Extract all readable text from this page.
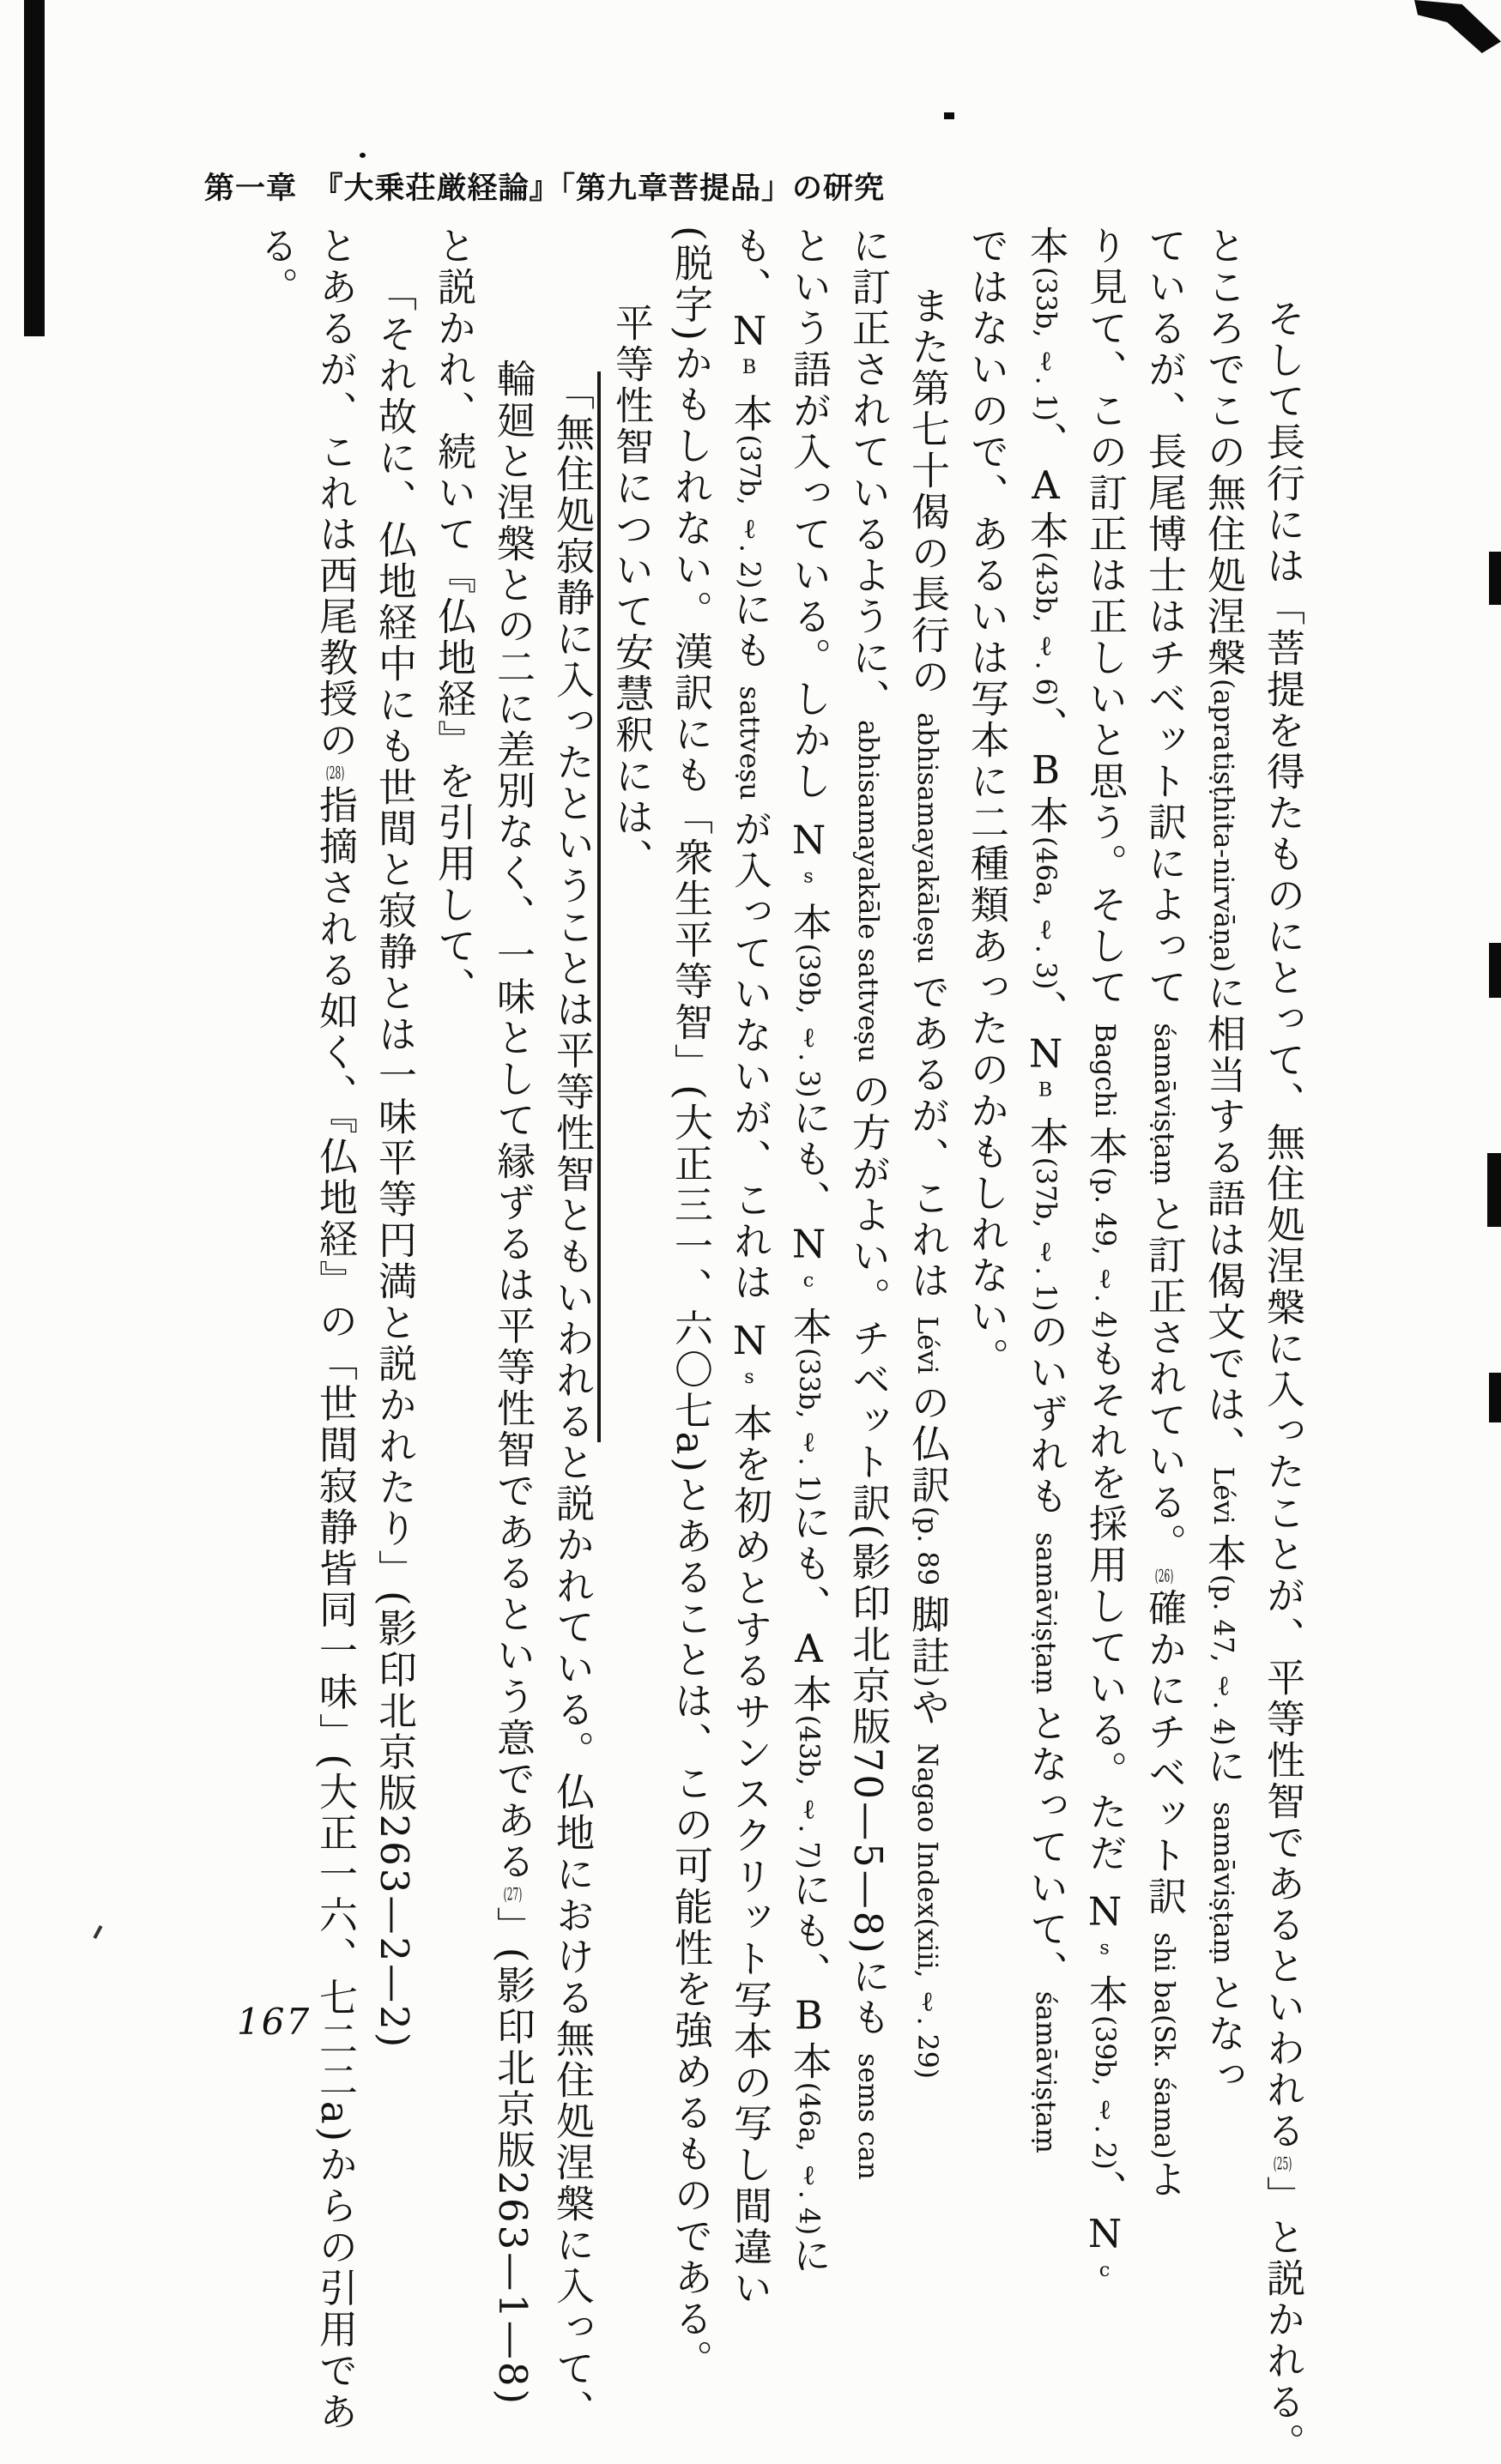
第一章　『大乗荘厳経論』「第九章菩提品」の研究
そして長行には「菩提を得たものにとって、無住処涅槃に入ったことが、平等性智であるといわれる(25)」と説かれる。
ところでこの無住処涅槃(apratiṣṭhita-nirvāṇa)に相当する語は偈文では、Lévi 本(p. 47, ℓ. 4)に samāviṣṭaṃ となっ
ているが、長尾博士はチベット訳によって śamāviṣṭaṃ と訂正されている。(26)確かにチベット訳 shi ba(Sk. śama)よ
り見て、この訂正は正しいと思う。そして Bagchi 本(p. 49, ℓ. 4)もそれを採用している。ただ Ns 本(39b, ℓ. 2)、Nc
本(33b, ℓ. 1)、A本(43b, ℓ. 6)、B本(46a, ℓ. 3)、NB 本(37b, ℓ. 1)のいずれも samāviṣṭaṃ となっていて、śamāviṣṭaṃ
ではないので、あるいは写本に二種類あったのかもしれない。
また第七十偈の長行の abhisamayakāleṣu であるが、これは Lévi の仏訳(p. 89 脚註)や Nagao Index(xiii, ℓ. 29)
に訂正されているように、abhisamayakāle sattveṣu の方がよい。チベット訳(影印北京版70—5—8)にも sems can
という語が入っている。しかし Ns 本(39b, ℓ. 3)にも、Nc 本(33b, ℓ. 1)にも、A本(43b, ℓ. 7)にも、B本(46a, ℓ. 4)に
も、NB 本(37b, ℓ. 2)にも sattveṣu が入っていないが、これは Ns 本を初めとするサンスクリット写本の写し間違い
(脱字)かもしれない。漢訳にも「衆生平等智」(大正三一、六〇七a)とあることは、この可能性を強めるものである。
平等性智について安慧釈には、
「無住処寂静に入ったということは平等性智ともいわれると説かれている。仏地における無住処涅槃に入って、
輪廻と涅槃との二に差別なく、一味として縁ずるは平等性智であるという意である(27)」(影印北京版263—1—8)
と説かれ、続いて『仏地経』を引用して、
「それ故に、仏地経中にも世間と寂静とは一味平等円満と説かれたり」(影印北京版263—2—2)
とあるが、これは西尾教授の(28)指摘される如く、『仏地経』の「世間寂静皆同一味」(大正一六、七二二a)からの引用であ
る。
167
